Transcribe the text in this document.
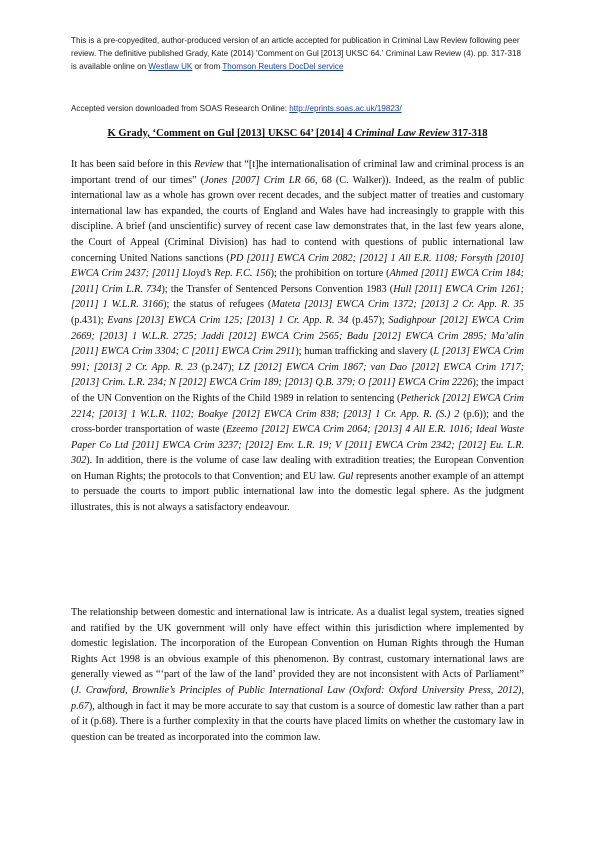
This is a pre-copyedited, author-produced version of an article accepted for publication in Criminal Law Review following peer review. The definitive published Grady, Kate (2014) 'Comment on Gul [2013] UKSC 64.' Criminal Law Review (4). pp. 317-318 is available online on Westlaw UK or from Thomson Reuters DocDel service
Accepted version downloaded from SOAS Research Online: http://eprints.soas.ac.uk/19823/
K Grady, ‘Comment on Gul [2013] UKSC 64’ [2014] 4 Criminal Law Review 317-318
It has been said before in this Review that “[t]he internationalisation of criminal law and criminal process is an important trend of our times” (Jones [2007] Crim LR 66, 68 (C. Walker)). Indeed, as the realm of public international law as a whole has grown over recent decades, and the subject matter of treaties and customary international law has expanded, the courts of England and Wales have had increasingly to grapple with this discipline. A brief (and unscientific) survey of recent case law demonstrates that, in the last few years alone, the Court of Appeal (Criminal Division) has had to contend with questions of public international law concerning United Nations sanctions (PD [2011] EWCA Crim 2082; [2012] 1 All E.R. 1108; Forsyth [2010] EWCA Crim 2437; [2011] Lloyd’s Rep. F.C. 156); the prohibition on torture (Ahmed [2011] EWCA Crim 184; [2011] Crim L.R. 734); the Transfer of Sentenced Persons Convention 1983 (Hull [2011] EWCA Crim 1261; [2011] 1 W.L.R. 3166); the status of refugees (Mateta [2013] EWCA Crim 1372; [2013] 2 Cr. App. R. 35 (p.431); Evans [2013] EWCA Crim 125; [2013] 1 Cr. App. R. 34 (p.457); Sadighpour [2012] EWCA Crim 2669; [2013] 1 W.L.R. 2725; Jaddi [2012] EWCA Crim 2565; Badu [2012] EWCA Crim 2895; Ma’alin [2011] EWCA Crim 3304; C [2011] EWCA Crim 2911); human trafficking and slavery (L [2013] EWCA Crim 991; [2013] 2 Cr. App. R. 23 (p.247); LZ [2012] EWCA Crim 1867; van Dao [2012] EWCA Crim 1717; [2013] Crim. L.R. 234; N [2012] EWCA Crim 189; [2013] Q.B. 379; O [2011] EWCA Crim 2226); the impact of the UN Convention on the Rights of the Child 1989 in relation to sentencing (Petherick [2012] EWCA Crim 2214; [2013] 1 W.L.R. 1102; Boakye [2012] EWCA Crim 838; [2013] 1 Cr. App. R. (S.) 2 (p.6)); and the cross-border transportation of waste (Ezeemo [2012] EWCA Crim 2064; [2013] 4 All E.R. 1016; Ideal Waste Paper Co Ltd [2011] EWCA Crim 3237; [2012] Env. L.R. 19; V [2011] EWCA Crim 2342; [2012] Eu. L.R. 302). In addition, there is the volume of case law dealing with extradition treaties; the European Convention on Human Rights; the protocols to that Convention; and EU law. Gul represents another example of an attempt to persuade the courts to import public international law into the domestic legal sphere. As the judgment illustrates, this is not always a satisfactory endeavour.
The relationship between domestic and international law is intricate. As a dualist legal system, treaties signed and ratified by the UK government will only have effect within this jurisdiction where implemented by domestic legislation. The incorporation of the European Convention on Human Rights through the Human Rights Act 1998 is an obvious example of this phenomenon. By contrast, customary international laws are generally viewed as “‘part of the law of the land’ provided they are not inconsistent with Acts of Parliament” (J. Crawford, Brownlie’s Principles of Public International Law (Oxford: Oxford University Press, 2012), p.67), although in fact it may be more accurate to say that custom is a source of domestic law rather than a part of it (p.68). There is a further complexity in that the courts have placed limits on whether the customary law in question can be treated as incorporated into the common law.
